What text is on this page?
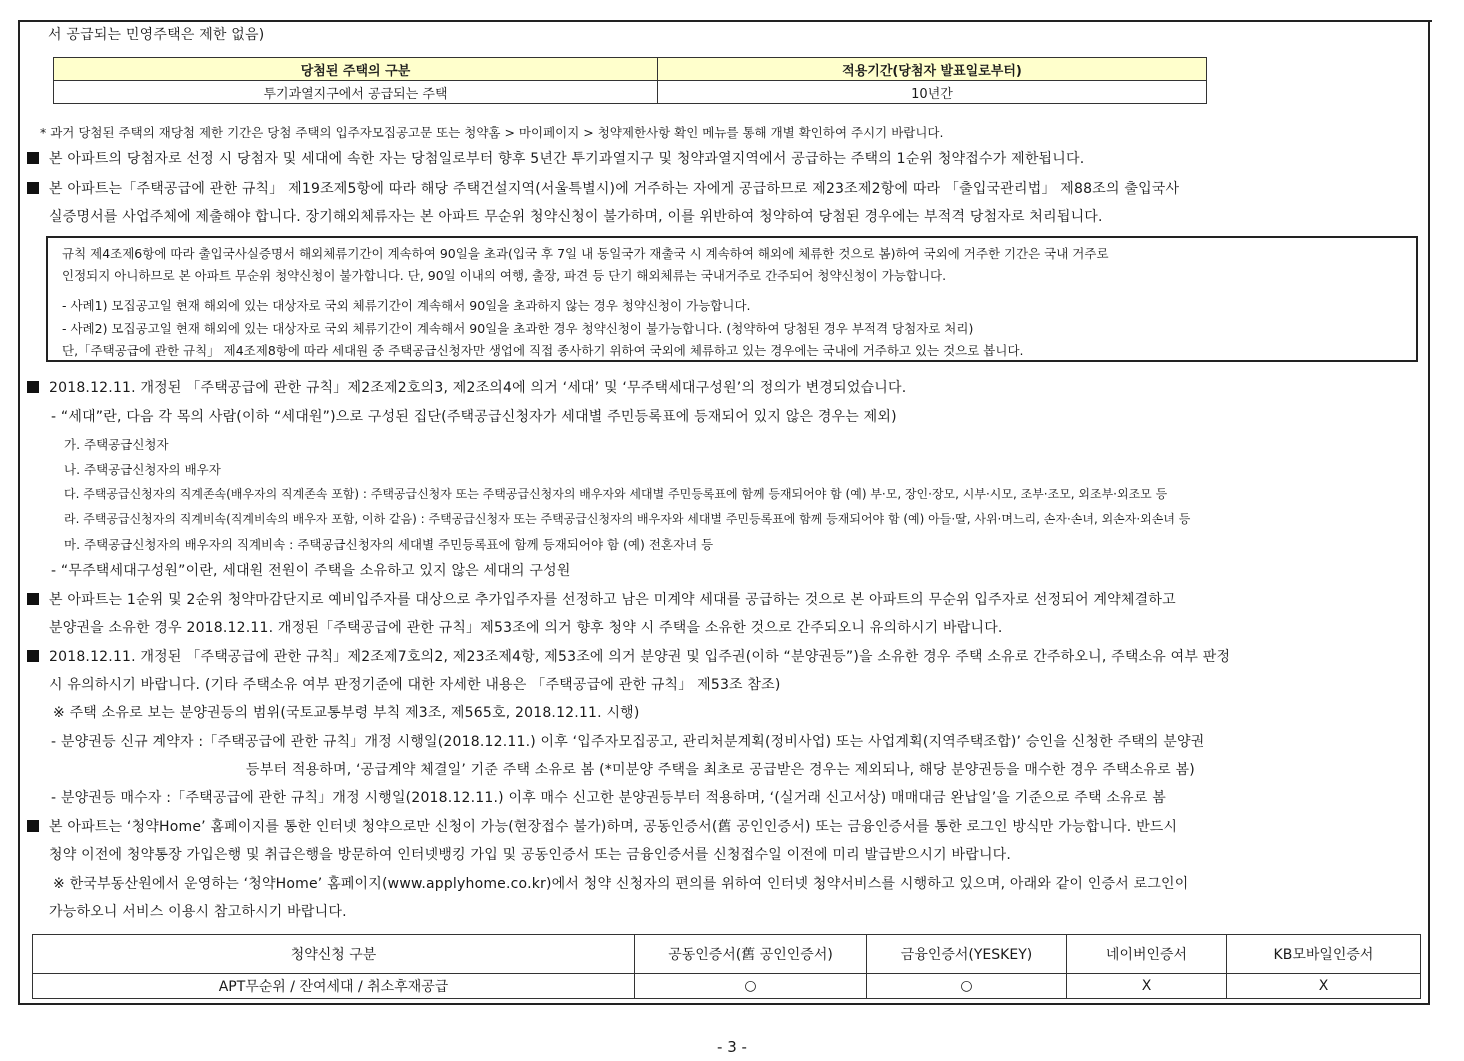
서 공급되는 민영주택은 제한 없음)
당첨된 주택의 구분	적용기간(당첨자 발표일로부터)
투기과열지구에서 공급되는 주택	10년간
* 과거 당첨된 주택의 재당첨 제한 기간은 당첨 주택의 입주자모집공고문 또는 청약홈 > 마이페이지 > 청약제한사항 확인 메뉴를 통해 개별 확인하여 주시기 바랍니다.
본 아파트의 당첨자로 선정 시 당첨자 및 세대에 속한 자는 당첨일로부터 향후 5년간 투기과열지구 및 청약과열지역에서 공급하는 주택의 1순위 청약접수가 제한됩니다.
본 아파트는「주택공급에 관한 규칙」 제19조제5항에 따라 해당 주택건설지역(서울특별시)에 거주하는 자에게 공급하므로 제23조제2항에 따라 「출입국관리법」 제88조의 출입국사
실증명서를 사업주체에 제출해야 합니다. 장기해외체류자는 본 아파트 무순위 청약신청이 불가하며, 이를 위반하여 청약하여 당첨된 경우에는 부적격 당첨자로 처리됩니다.
규칙 제4조제6항에 따라 출입국사실증명서 해외체류기간이 계속하여 90일을 초과(입국 후 7일 내 동일국가 재출국 시 계속하여 해외에 체류한 것으로 봄)하여 국외에 거주한 기간은 국내 거주로
인정되지 아니하므로 본 아파트 무순위 청약신청이 불가합니다. 단, 90일 이내의 여행, 출장, 파견 등 단기 해외체류는 국내거주로 간주되어 청약신청이 가능합니다.
- 사례1) 모집공고일 현재 해외에 있는 대상자로 국외 체류기간이 계속해서 90일을 초과하지 않는 경우 청약신청이 가능합니다.
- 사례2) 모집공고일 현재 해외에 있는 대상자로 국외 체류기간이 계속해서 90일을 초과한 경우 청약신청이 불가능합니다. (청약하여 당첨된 경우 부적격 당첨자로 처리)
단,「주택공급에 관한 규칙」 제4조제8항에 따라 세대원 중 주택공급신청자만 생업에 직접 종사하기 위하여 국외에 체류하고 있는 경우에는 국내에 거주하고 있는 것으로 봅니다.
2018.12.11. 개정된 「주택공급에 관한 규칙」제2조제2호의3, 제2조의4에 의거 ‘세대’ 및 ‘무주택세대구성원’의 정의가 변경되었습니다.
- “세대”란, 다음 각 목의 사람(이하 “세대원”)으로 구성된 집단(주택공급신청자가 세대별 주민등록표에 등재되어 있지 않은 경우는 제외)
가. 주택공급신청자
나. 주택공급신청자의 배우자
다. 주택공급신청자의 직계존속(배우자의 직계존속 포함) : 주택공급신청자 또는 주택공급신청자의 배우자와 세대별 주민등록표에 함께 등재되어야 함 (예) 부·모, 장인·장모, 시부·시모, 조부·조모, 외조부·외조모 등
라. 주택공급신청자의 직계비속(직계비속의 배우자 포함, 이하 같음) : 주택공급신청자 또는 주택공급신청자의 배우자와 세대별 주민등록표에 함께 등재되어야 함 (예) 아들·딸, 사위·며느리, 손자·손녀, 외손자·외손녀 등
마. 주택공급신청자의 배우자의 직계비속 : 주택공급신청자의 세대별 주민등록표에 함께 등재되어야 함 (예) 전혼자녀 등
- “무주택세대구성원”이란, 세대원 전원이 주택을 소유하고 있지 않은 세대의 구성원
본 아파트는 1순위 및 2순위 청약마감단지로 예비입주자를 대상으로 추가입주자를 선정하고 남은 미계약 세대를 공급하는 것으로 본 아파트의 무순위 입주자로 선정되어 계약체결하고
분양권을 소유한 경우 2018.12.11. 개정된「주택공급에 관한 규칙」제53조에 의거 향후 청약 시 주택을 소유한 것으로 간주되오니 유의하시기 바랍니다.
2018.12.11. 개정된 「주택공급에 관한 규칙」제2조제7호의2, 제23조제4항, 제53조에 의거 분양권 및 입주권(이하 “분양권등”)을 소유한 경우 주택 소유로 간주하오니, 주택소유 여부 판정
시 유의하시기 바랍니다. (기타 주택소유 여부 판정기준에 대한 자세한 내용은 「주택공급에 관한 규칙」 제53조 참조)
※ 주택 소유로 보는 분양권등의 범위(국토교통부령 부칙 제3조, 제565호, 2018.12.11. 시행)
- 분양권등 신규 계약자 :「주택공급에 관한 규칙」개정 시행일(2018.12.11.) 이후 ‘입주자모집공고, 관리처분계획(정비사업) 또는 사업계획(지역주택조합)’ 승인을 신청한 주택의 분양권
등부터 적용하며, ‘공급계약 체결일’ 기준 주택 소유로 봄 (*미분양 주택을 최초로 공급받은 경우는 제외되나, 해당 분양권등을 매수한 경우 주택소유로 봄)
- 분양권등 매수자 :「주택공급에 관한 규칙」개정 시행일(2018.12.11.) 이후 매수 신고한 분양권등부터 적용하며, ‘(실거래 신고서상) 매매대금 완납일’을 기준으로 주택 소유로 봄
본 아파트는 ‘청약Home’ 홈페이지를 통한 인터넷 청약으로만 신청이 가능(현장접수 불가)하며, 공동인증서(舊 공인인증서) 또는 금융인증서를 통한 로그인 방식만 가능합니다. 반드시
청약 이전에 청약통장 가입은행 및 취급은행을 방문하여 인터넷뱅킹 가입 및 공동인증서 또는 금융인증서를 신청접수일 이전에 미리 발급받으시기 바랍니다.
※ 한국부동산원에서 운영하는 ‘청약Home’ 홈페이지(www.applyhome.co.kr)에서 청약 신청자의 편의를 위하여 인터넷 청약서비스를 시행하고 있으며, 아래와 같이 인증서 로그인이
가능하오니 서비스 이용시 참고하시기 바랍니다.
청약신청 구분	공동인증서(舊 공인인증서)	금융인증서(YESKEY)	네이버인증서	KB모바일인증서
APT무순위 / 잔여세대 / 취소후재공급	○	○	X	X
- 3 -
